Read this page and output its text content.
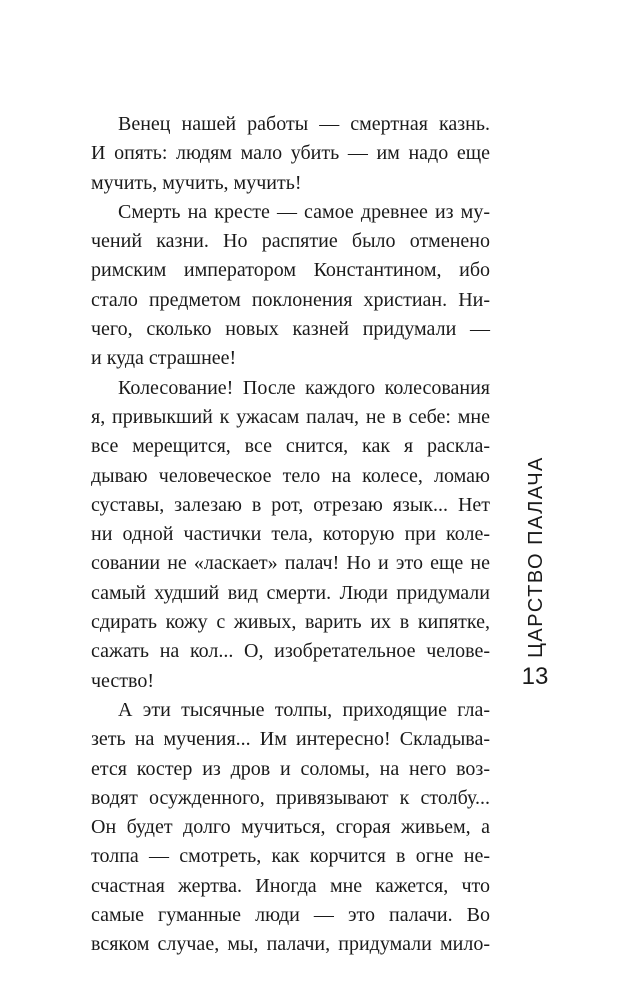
Венец нашей работы — смертная казнь.
И опять: людям мало убить — им надо еще
мучить, мучить, мучить!

Смерть на кресте — самое древнее из му-
чений казни. Но распятие было отменено
римским императором Константином, ибо
стало предметом поклонения христиан. Ни-
чего, сколько новых казней придумали —
и куда страшнее!

Колесование! После каждого колесования
я, привыкший к ужасам палач, не в себе: мне
все мерещится, все снится, как я раскла-
дываю человеческое тело на колесе, ломаю
суставы, залезаю в рот, отрезаю язык... Нет
ни одной частички тела, которую при коле-
совании не «ласкает» палач! Но и это еще не
самый худший вид смерти. Люди придумали
сдирать кожу с живых, варить их в кипятке,
сажать на кол... О, изобретательное челове-
чество!

А эти тысячные толпы, приходящие гла-
зеть на мучения... Им интересно! Складыва-
ется костер из дров и соломы, на него воз-
водят осужденного, привязывают к столбу...
Он будет долго мучиться, сгорая живьем, а
толпа — смотреть, как корчится в огне не-
счастная жертва. Иногда мне кажется, что
самые гуманные люди — это палачи. Во
всяком случае, мы, палачи, придумали мило-

ЦАРСТВО ПАЛАЧА
13
